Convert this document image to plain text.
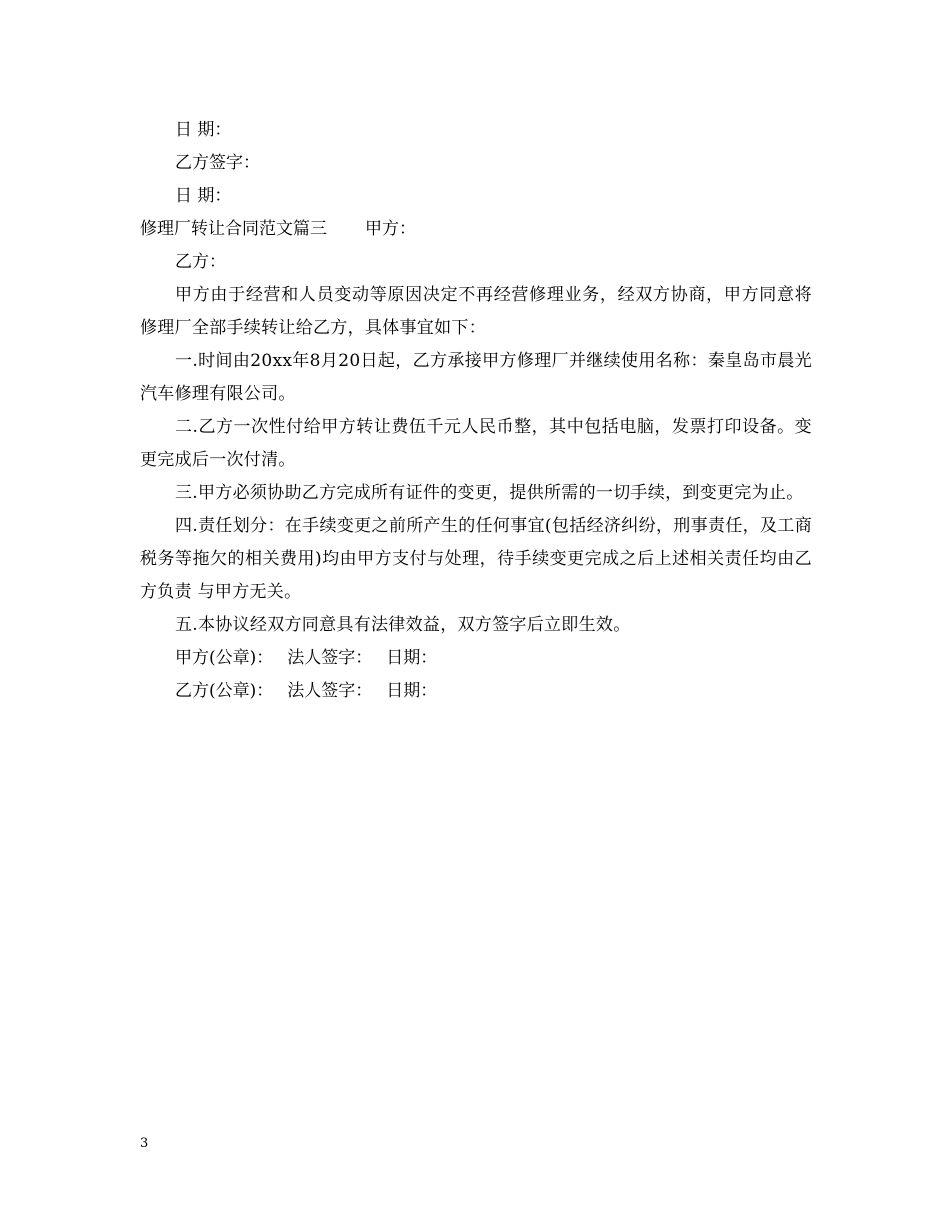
日 期：

乙方签字：

日 期：

修理厂转让合同范文篇三 甲方：

乙方：

甲方由于经营和人员变动等原因决定不再经营修理业务，经双方协商，甲方同意将修理厂全部手续转让给乙方，具体事宜如下：

一.时间由20xx年8月20日起，乙方承接甲方修理厂并继续使用名称：秦皇岛市晨光汽车修理有限公司。

二.乙方一次性付给甲方转让费伍千元人民币整，其中包括电脑，发票打印设备。变更完成后一次付清。

三.甲方必须协助乙方完成所有证件的变更，提供所需的一切手续，到变更完为止。

四.责任划分：在手续变更之前所产生的任何事宜(包括经济纠纷，刑事责任，及工商税务等拖欠的相关费用)均由甲方支付与处理，待手续变更完成之后上述相关责任均由乙方负责 与甲方无关。

五.本协议经双方同意具有法律效益，双方签字后立即生效。

甲方(公章)： 法人签字： 日期：

乙方(公章)： 法人签字： 日期：

3
